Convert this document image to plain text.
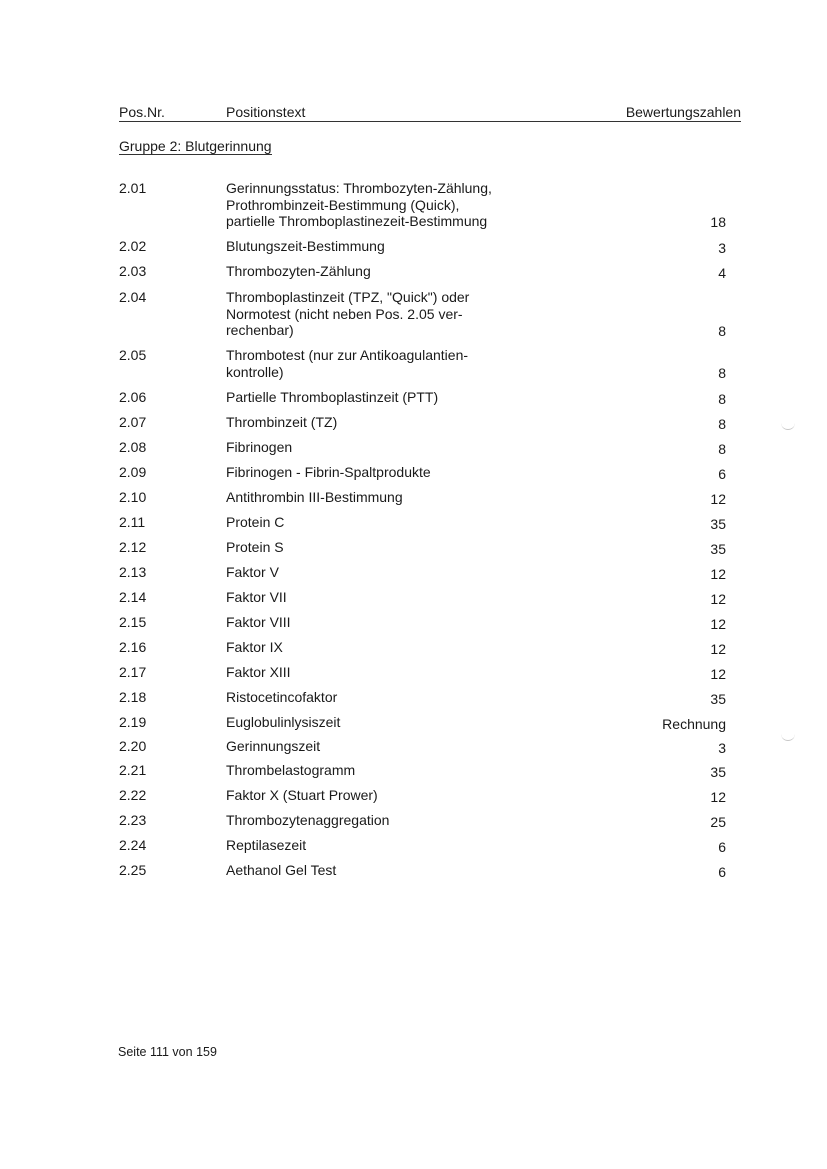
Pos.Nr.	Positionstext	Bewertungszahlen
Gruppe 2: Blutgerinnung
2.01	Gerinnungsstatus: Thrombozyten-Zählung,
Prothrombinzeit-Bestimmung (Quick),
partielle Thromboplastinezeit-Bestimmung	18
2.02	Blutungszeit-Bestimmung	3
2.03	Thrombozyten-Zählung	4
2.04	Thromboplastinzeit (TPZ, "Quick") oder
Normotest (nicht neben Pos. 2.05 ver-
rechenbar)	8
2.05	Thrombotest (nur zur Antikoagulantien-
kontrolle)	8
2.06	Partielle Thromboplastinzeit (PTT)	8
2.07	Thrombinzeit (TZ)	8
2.08	Fibrinogen	8
2.09	Fibrinogen - Fibrin-Spaltprodukte	6
2.10	Antithrombin III-Bestimmung	12
2.11	Protein C	35
2.12	Protein S	35
2.13	Faktor V	12
2.14	Faktor VII	12
2.15	Faktor VIII	12
2.16	Faktor IX	12
2.17	Faktor XIII	12
2.18	Ristocetincofaktor	35
2.19	Euglobulinlysiszeit	Rechnung
2.20	Gerinnungszeit	3
2.21	Thrombelastogramm	35
2.22	Faktor X (Stuart Prower)	12
2.23	Thrombozytenaggregation	25
2.24	Reptilasezeit	6
2.25	Aethanol Gel Test	6
Seite 111 von 159
